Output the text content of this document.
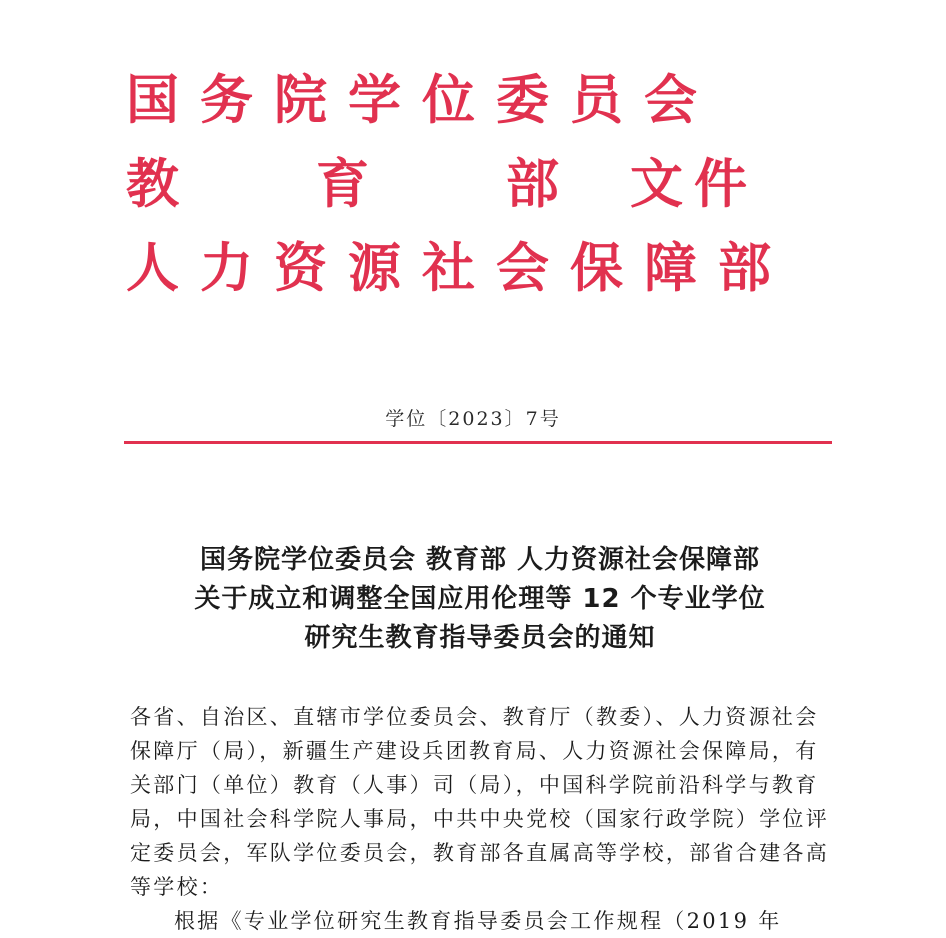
国 务 院 学 位 委 员 会
教	育	部 文 件
人 力 资 源 社 会 保 障 部
学位〔2023〕7号
国务院学位委员会 教育部 人力资源社会保障部
关于成立和调整全国应用伦理等 12 个专业学位
研究生教育指导委员会的通知

各省、自治区、直辖市学位委员会、教育厅（教委）、人力资源社会保障厅（局），新疆生产建设兵团教育局、人力资源社会保障局，有关部门（单位）教育（人事）司（局），中国科学院前沿科学与教育局，中国社会科学院人事局，中共中央党校（国家行政学院）学位评定委员会，军队学位委员会，教育部各直属高等学校，部省合建各高等学校：

根据《专业学位研究生教育指导委员会工作规程（2019 年
